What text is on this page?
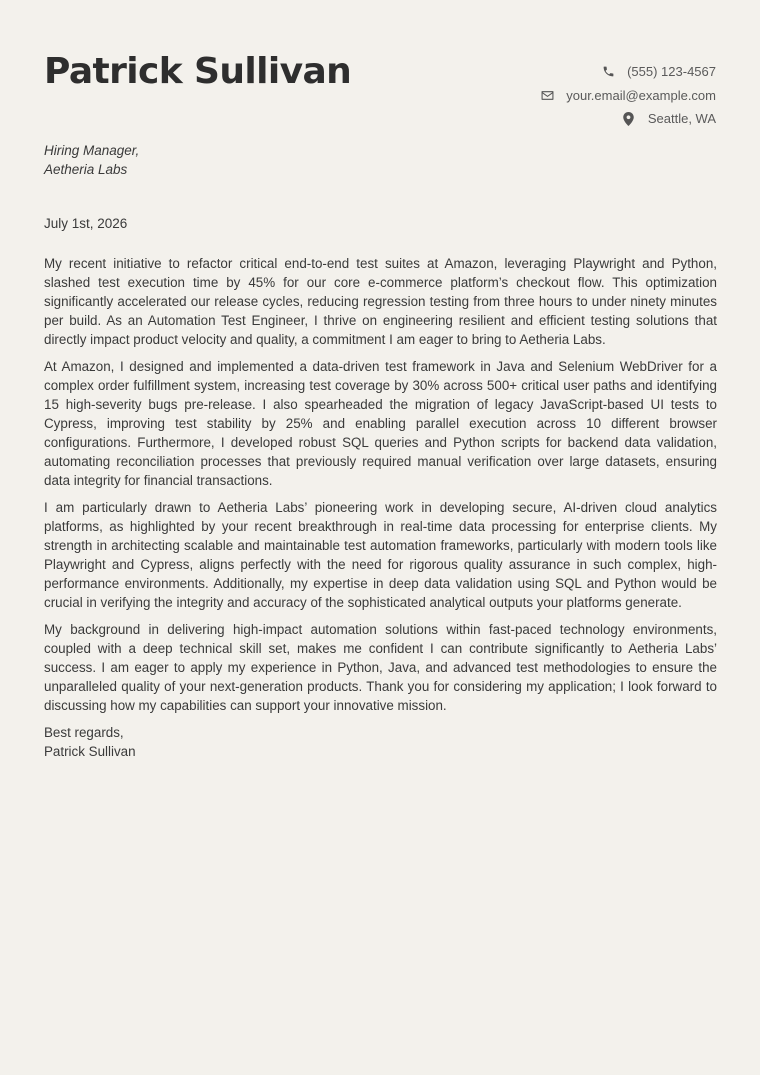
Patrick Sullivan	(555) 123-4567
your.email@example.com
Seattle, WA
Hiring Manager,
Aetheria Labs
July 1st, 2026

My recent initiative to refactor critical end-to-end test suites at Amazon, leveraging Playwright and Python, slashed test execution time by 45% for our core e-commerce platform’s checkout flow. This optimization significantly accelerated our release cycles, reducing regression testing from three hours to under ninety minutes per build. As an Automation Test Engineer, I thrive on engineering resilient and efficient testing solutions that directly impact product velocity and quality, a commitment I am eager to bring to Aetheria Labs.

At Amazon, I designed and implemented a data-driven test framework in Java and Selenium WebDriver for a complex order fulfillment system, increasing test coverage by 30% across 500+ critical user paths and identifying 15 high-severity bugs pre-release. I also spearheaded the migration of legacy JavaScript-based UI tests to Cypress, improving test stability by 25% and enabling parallel execution across 10 different browser configurations. Furthermore, I developed robust SQL queries and Python scripts for backend data validation, automating reconciliation processes that previously required manual verification over large datasets, ensuring data integrity for financial transactions.

I am particularly drawn to Aetheria Labs’ pioneering work in developing secure, AI-driven cloud analytics platforms, as highlighted by your recent breakthrough in real-time data processing for enterprise clients. My strength in architecting scalable and maintainable test automation frameworks, particularly with modern tools like Playwright and Cypress, aligns perfectly with the need for rigorous quality assurance in such complex, high-performance environments. Additionally, my expertise in deep data validation using SQL and Python would be crucial in verifying the integrity and accuracy of the sophisticated analytical outputs your platforms generate.

My background in delivering high-impact automation solutions within fast-paced technology environments, coupled with a deep technical skill set, makes me confident I can contribute significantly to Aetheria Labs’ success. I am eager to apply my experience in Python, Java, and advanced test methodologies to ensure the unparalleled quality of your next-generation products. Thank you for considering my application; I look forward to discussing how my capabilities can support your innovative mission.

Best regards,
Patrick Sullivan
